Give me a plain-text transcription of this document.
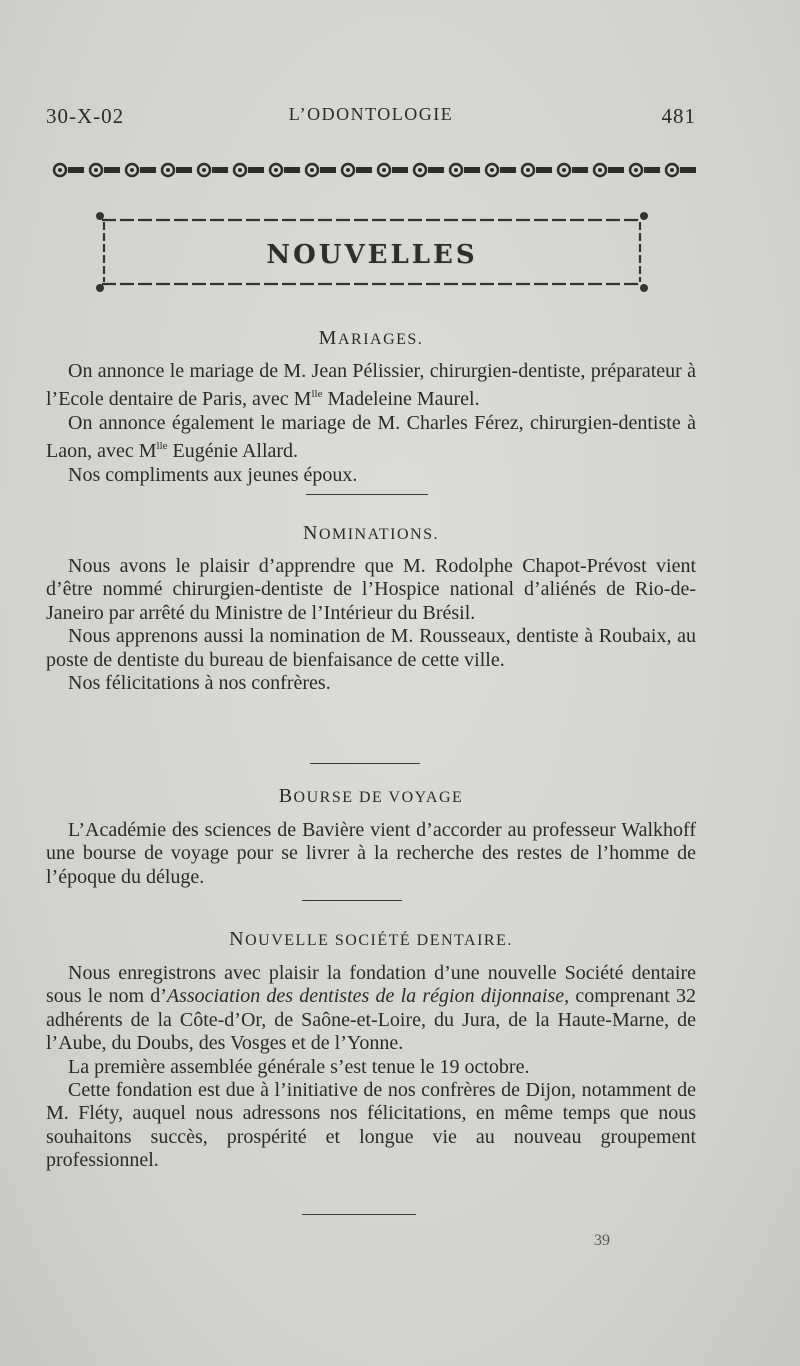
30-X-02	L’ODONTOLOGIE	481
NOUVELLES
MARIAGES.

On annonce le mariage de M. Jean Pélissier, chirurgien-dentiste, préparateur à l’Ecole dentaire de Paris, avec $M^{lle}$ Madeleine Maurel.

On annonce également le mariage de M. Charles Férez, chirurgien-dentiste à Laon, avec $M^{lle}$ Eugénie Allard.

Nos compliments aux jeunes époux.

NOMINATIONS.

Nous avons le plaisir d’apprendre que M. Rodolphe Chapot-Prévost vient d’être nommé chirurgien-dentiste de l’Hospice national d’aliénés de Rio-de-Janeiro par arrêté du Ministre de l’Intérieur du Brésil.

Nous apprenons aussi la nomination de M. Rousseaux, dentiste à Roubaix, au poste de dentiste du bureau de bienfaisance de cette ville.

Nos félicitations à nos confrères.

BOURSE DE VOYAGE

L’Académie des sciences de Bavière vient d’accorder au professeur Walkhoff une bourse de voyage pour se livrer à la recherche des restes de l’homme de l’époque du déluge.

NOUVELLE SOCIÉTÉ DENTAIRE.

Nous enregistrons avec plaisir la fondation d’une nouvelle Société dentaire sous le nom d’Association des dentistes de la région dijonnaise, comprenant 32 adhérents de la Côte-d’Or, de Saône-et-Loire, du Jura, de la Haute-Marne, de l’Aube, du Doubs, des Vosges et de l’Yonne.

La première assemblée générale s’est tenue le 19 octobre.

Cette fondation est due à l’initiative de nos confrères de Dijon, notamment de M. Fléty, auquel nous adressons nos félicitations, en même temps que nous souhaitons succès, prospérité et longue vie au nouveau groupement professionnel.

39
